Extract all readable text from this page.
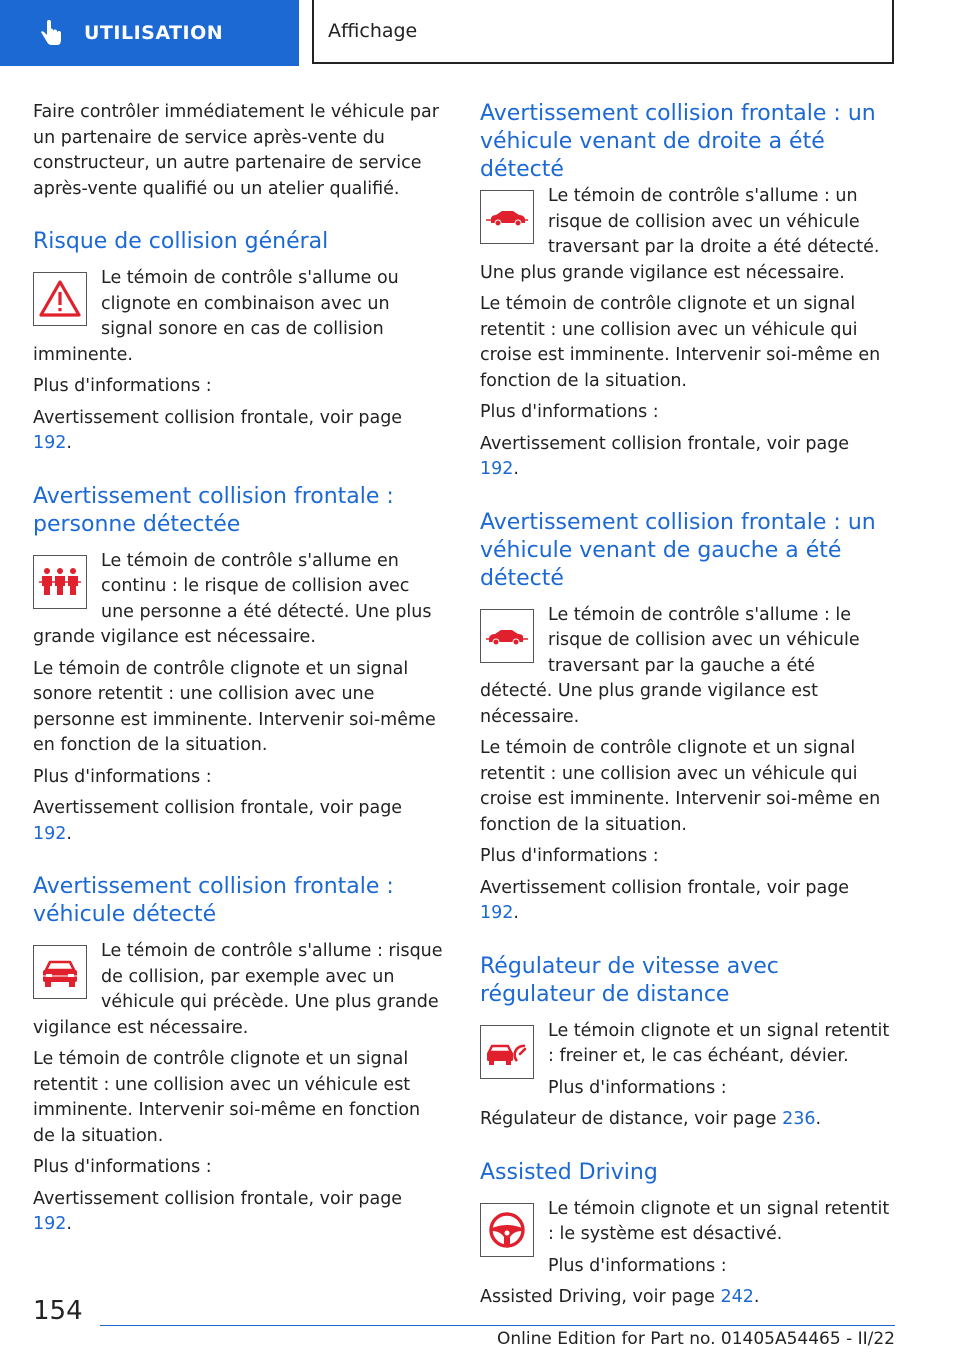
UTILISATION	Affichage

Faire contrôler immédiatement le véhicule par un partenaire de service après-vente du constructeur, un autre partenaire de service après-vente qualifié ou un atelier qualifié.

Risque de collision général

Le témoin de contrôle s'allume ou clignote en combinaison avec un signal sonore en cas de collision imminente.

Plus d'informations :

Avertissement collision frontale, voir page 192.

Avertissement collision frontale : personne détectée

Le témoin de contrôle s'allume en continu : le risque de collision avec une personne a été détecté. Une plus grande vigilance est nécessaire.

Le témoin de contrôle clignote et un signal sonore retentit : une collision avec une personne est imminente. Intervenir soi-même en fonction de la situation.

Plus d'informations :

Avertissement collision frontale, voir page 192.

Avertissement collision frontale : véhicule détecté

Le témoin de contrôle s'allume : risque de collision, par exemple avec un véhicule qui précède. Une plus grande vigilance est nécessaire.

Le témoin de contrôle clignote et un signal retentit : une collision avec un véhicule est imminente. Intervenir soi-même en fonction de la situation.

Plus d'informations :

Avertissement collision frontale, voir page 192.

Avertissement collision frontale : un véhicule venant de droite a été détecté

Le témoin de contrôle s'allume : un risque de collision avec un véhicule traversant par la droite a été détecté. Une plus grande vigilance est nécessaire.

Le témoin de contrôle clignote et un signal retentit : une collision avec un véhicule qui croise est imminente. Intervenir soi-même en fonction de la situation.

Plus d'informations :

Avertissement collision frontale, voir page 192.

Avertissement collision frontale : un véhicule venant de gauche a été détecté

Le témoin de contrôle s'allume : le risque de collision avec un véhicule traversant par la gauche a été détecté. Une plus grande vigilance est nécessaire.

Le témoin de contrôle clignote et un signal retentit : une collision avec un véhicule qui croise est imminente. Intervenir soi-même en fonction de la situation.

Plus d'informations :

Avertissement collision frontale, voir page 192.

Régulateur de vitesse avec régulateur de distance

Le témoin clignote et un signal retentit : freiner et, le cas échéant, dévier.

Plus d'informations :

Régulateur de distance, voir page 236.

Assisted Driving

Le témoin clignote et un signal retentit : le système est désactivé.

Plus d'informations :

Assisted Driving, voir page 242.

154
Online Edition for Part no. 01405A54465 - II/22
